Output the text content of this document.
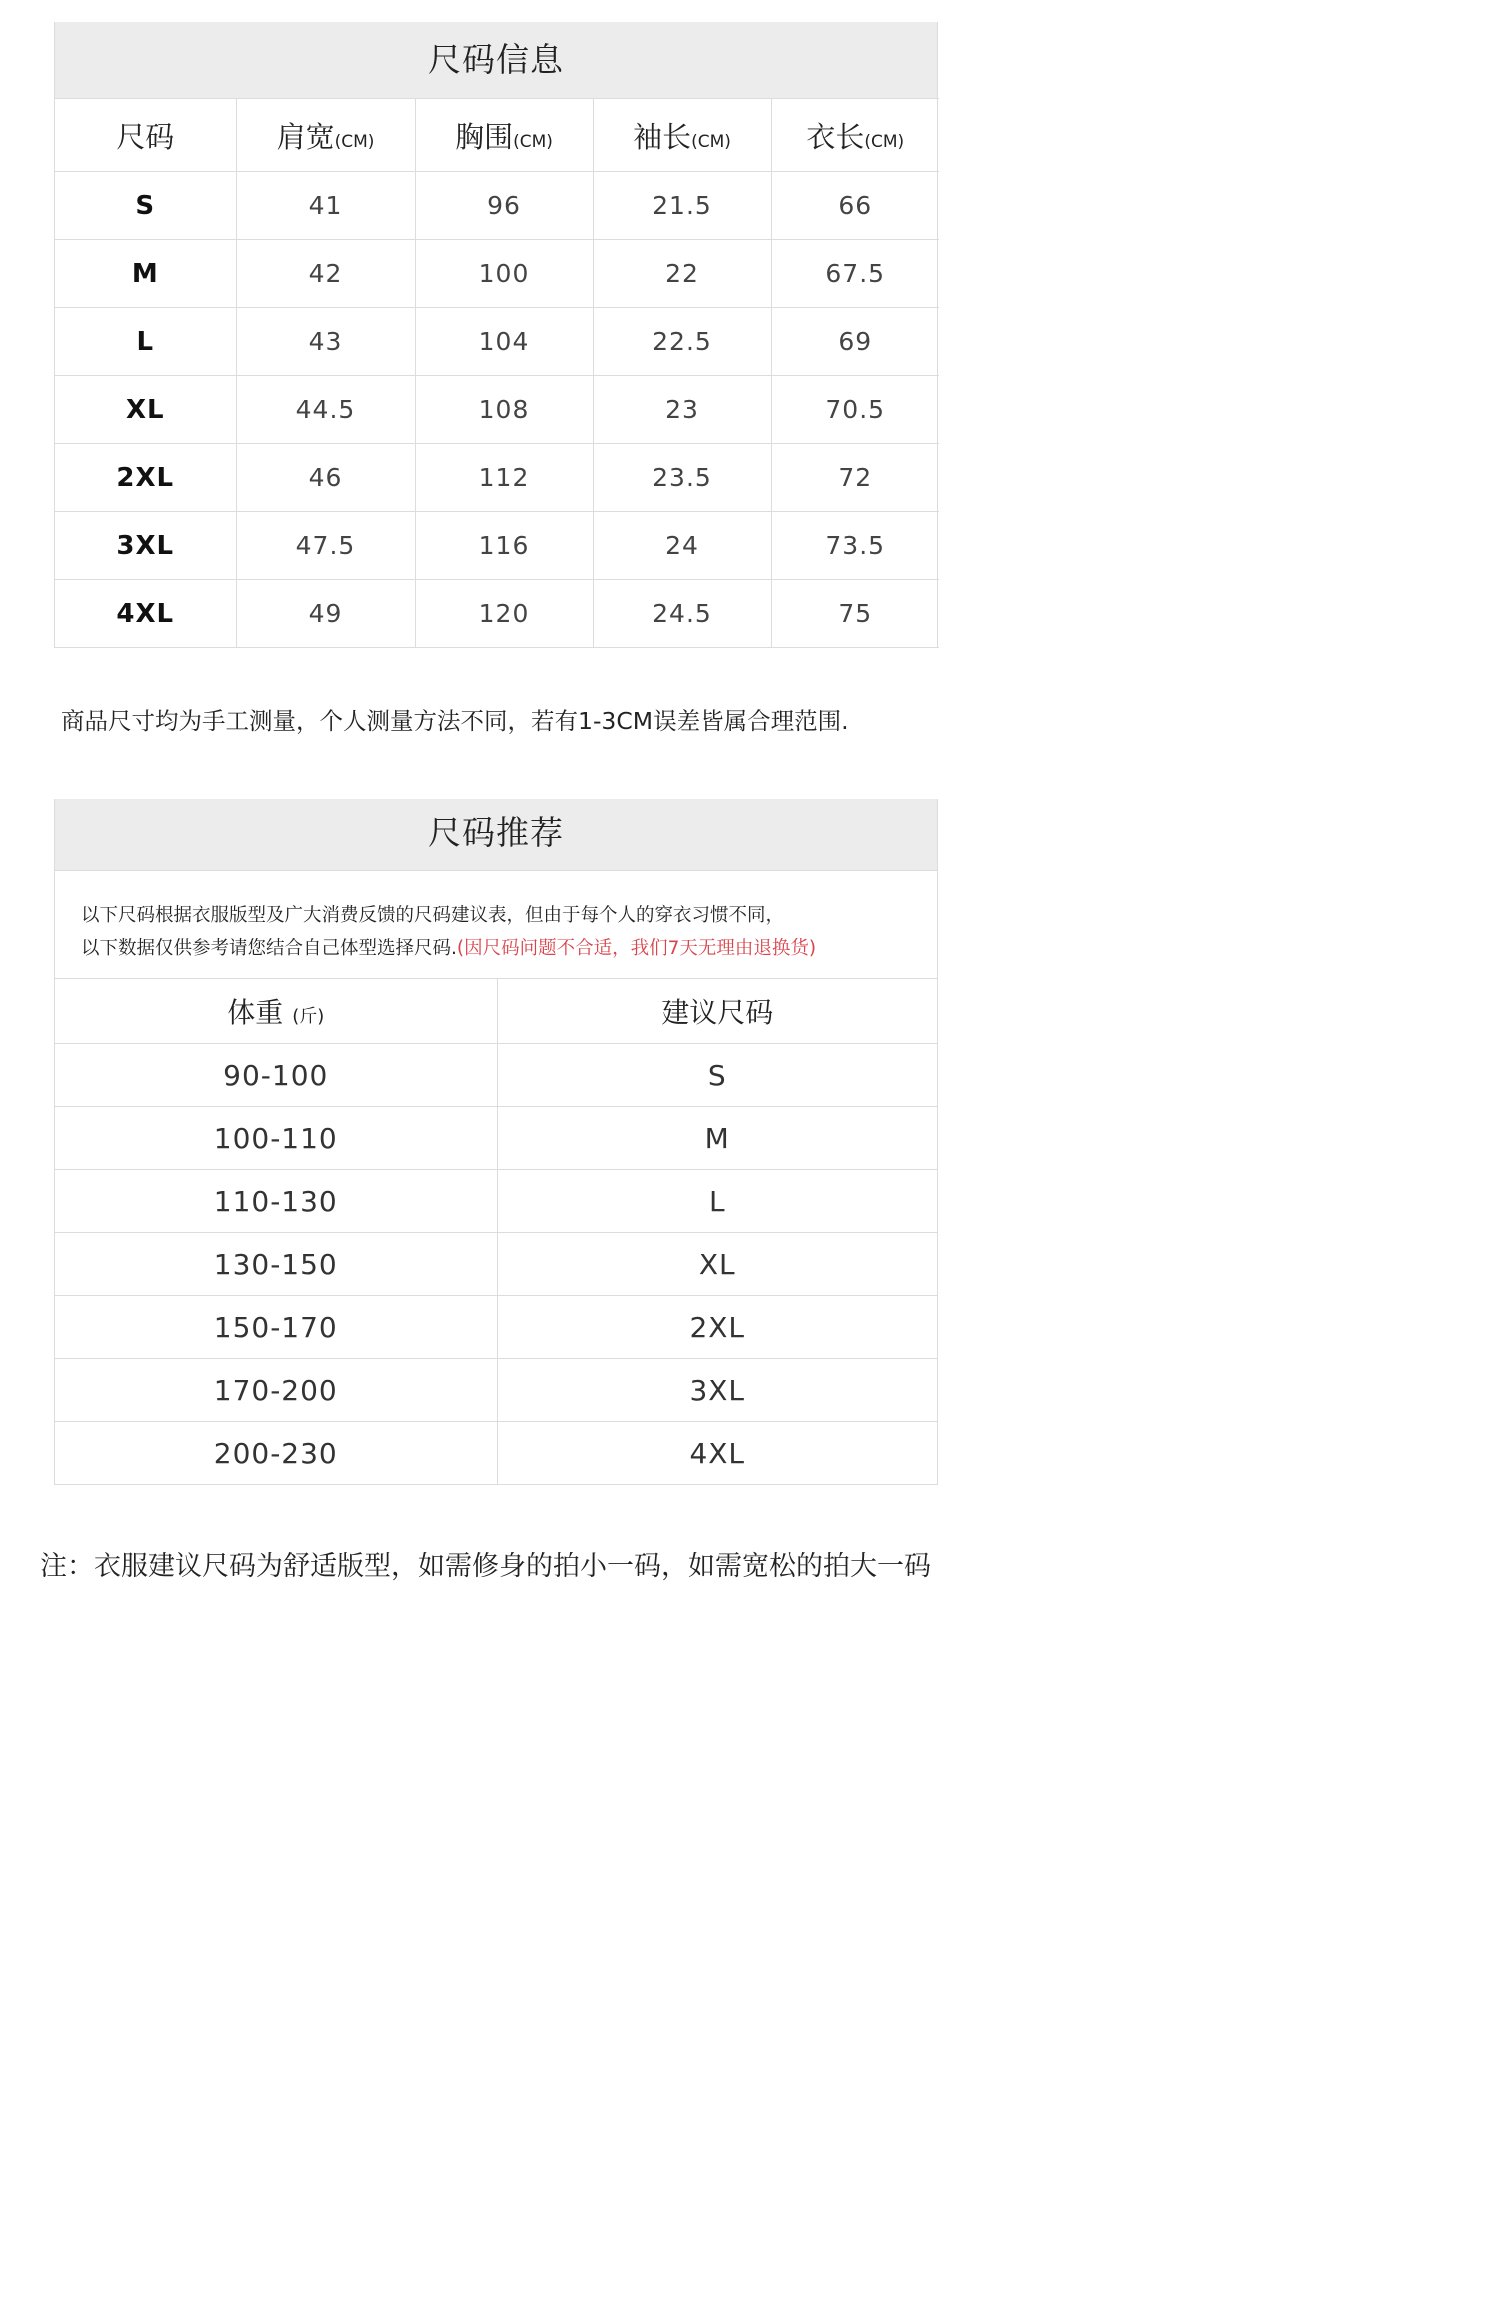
尺码信息
尺码	肩宽(CM)	胸围(CM)	袖长(CM)	衣长(CM)
S	41	96	21.5	66
M	42	100	22	67.5
L	43	104	22.5	69
XL	44.5	108	23	70.5
2XL	46	112	23.5	72
3XL	47.5	116	24	73.5
4XL	49	120	24.5	75
商品尺寸均为手工测量，个人测量方法不同，若有1-3CM误差皆属合理范围.
尺码推荐
以下尺码根据衣服版型及广大消费反馈的尺码建议表，但由于每个人的穿衣习惯不同，
以下数据仅供参考请您结合自己体型选择尺码.(因尺码问题不合适，我们7天无理由退换货)
体重 (斤)	建议尺码
90-100	S
100-110	M
110-130	L
130-150	XL
150-170	2XL
170-200	3XL
200-230	4XL
注：衣服建议尺码为舒适版型，如需修身的拍小一码，如需宽松的拍大一码
